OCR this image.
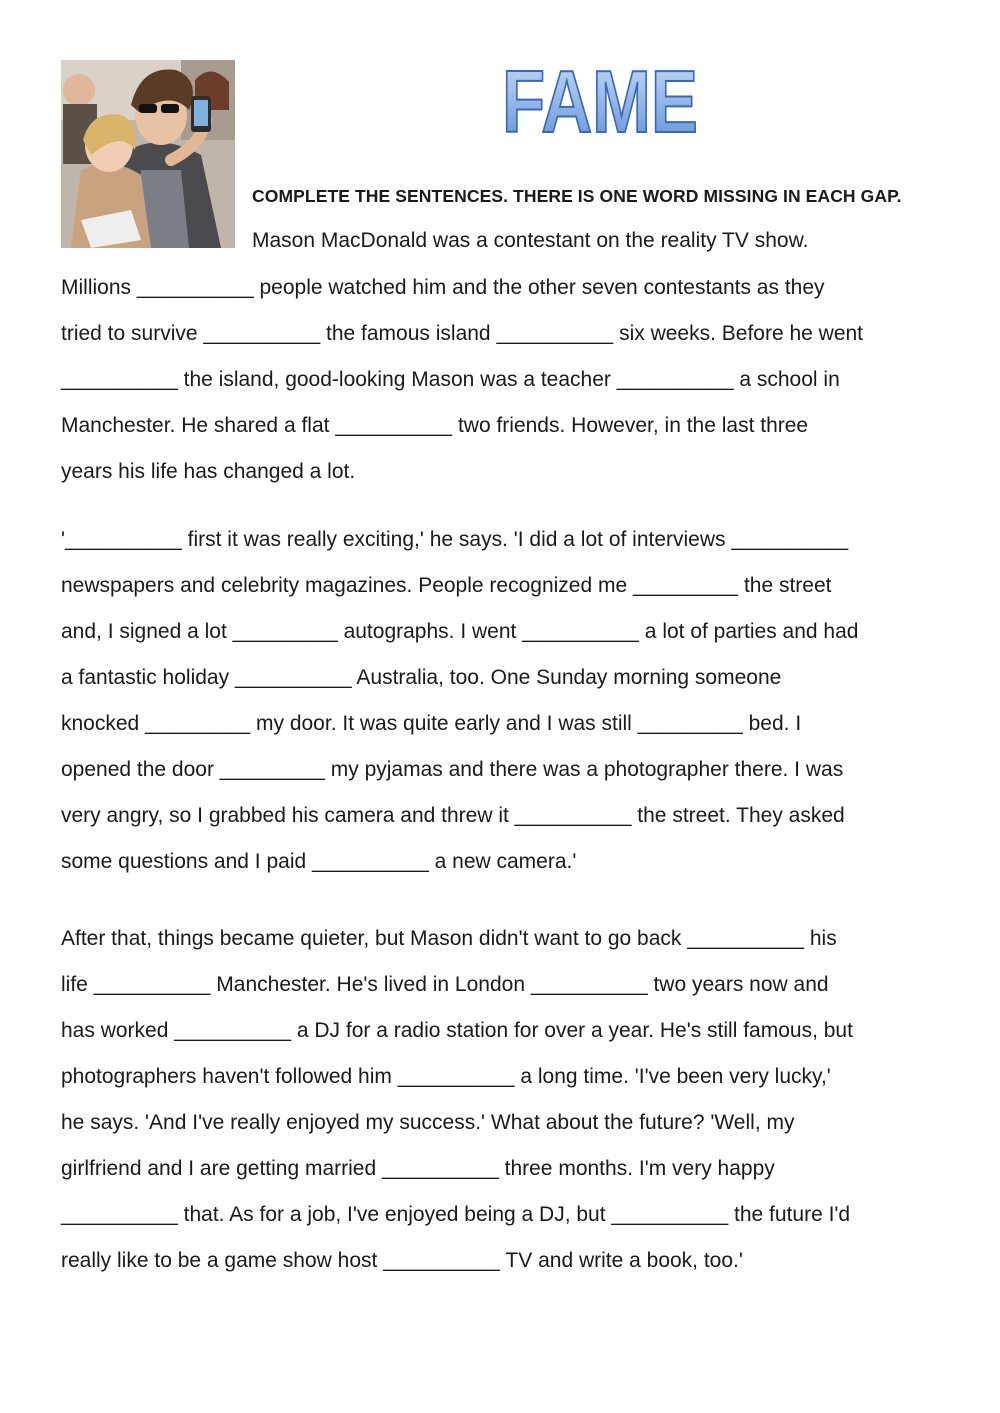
FAME
COMPLETE THE SENTENCES. THERE IS ONE WORD MISSING IN EACH GAP.
Mason MacDonald was a contestant on the reality TV show.
Millions __________ people watched him and the other seven contestants as they
tried to survive __________ the famous island __________ six weeks. Before he went
__________ the island, good-looking Mason was a teacher __________ a school in
Manchester. He shared a flat __________ two friends. However, in the last three
years his life has changed a lot.
'__________ first it was really exciting,' he says. 'I did a lot of interviews __________
newspapers and celebrity magazines. People recognized me _________ the street
and, I signed a lot _________ autographs. I went __________ a lot of parties and had
a fantastic holiday __________ Australia, too. One Sunday morning someone
knocked _________ my door. It was quite early and I was still _________ bed. I
opened the door _________ my pyjamas and there was a photographer there. I was
very angry, so I grabbed his camera and threw it __________ the street. They asked
some questions and I paid __________ a new camera.'
After that, things became quieter, but Mason didn't want to go back __________ his
life __________ Manchester. He's lived in London __________ two years now and
has worked __________ a DJ for a radio station for over a year. He's still famous, but
photographers haven't followed him __________ a long time. 'I've been very lucky,'
he says. 'And I've really enjoyed my success.' What about the future? 'Well, my
girlfriend and I are getting married __________ three months. I'm very happy
__________ that. As for a job, I've enjoyed being a DJ, but __________ the future I'd
really like to be a game show host __________ TV and write a book, too.'
